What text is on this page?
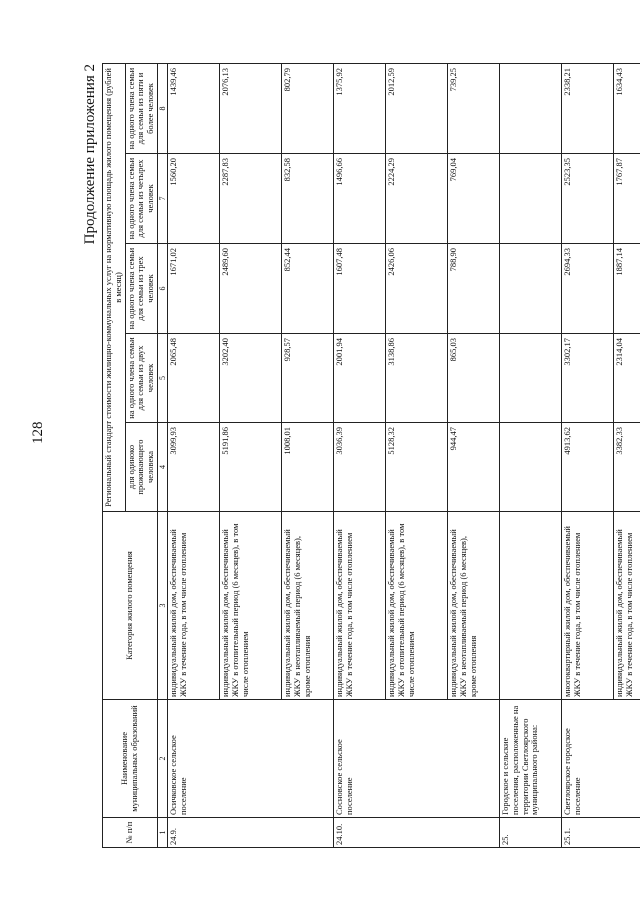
128
Продолжение приложения 2
№ п/п	Наименование муниципальных образований	Категория жилого помещения	Региональный стандарт стоимости жилищно-коммунальных услуг на нормативную площадь жилого помещения (рублей в месяц)				
			для одиноко проживающего человека	на одного члена семьи для семьи из двух человек	на одного члена семьи для семьи из трех человек	на одного члена семьи для семьи из четырех человек	на одного члена семьи для семьи из пяти и более человек
1	2	3	4	5	6	7	8
24.9.	Осичковское сельское поселение	индивидуальный жилой дом, обеспечиваемый ЖКУ в течение года, в том числе отоплением	3099,93	2065,48	1671,02	1560,20	1439,46
		индивидуальный жилой дом, обеспечиваемый ЖКУ в отопительный период (6 месяцев), в том числе отоплением	5191,86	3202,40	2489,60	2287,83	2076,13
		индивидуальный жилой дом, обеспечиваемый ЖКУ в неотапливаемый период (6 месяцев), кроме отопления	1008,01	928,57	852,44	832,58	802,79
24.10.	Сосновское сельское поселение	индивидуальный жилой дом, обеспечиваемый ЖКУ в течение года, в том числе отоплением	3036,39	2001,94	1607,48	1496,66	1375,92
		индивидуальный жилой дом, обеспечиваемый ЖКУ в отопительный период (6 месяцев), в том числе отоплением	5128,32	3138,86	2426,06	2224,29	2012,59
		индивидуальный жилой дом, обеспечиваемый ЖКУ в неотапливаемый период (6 месяцев), кроме отопления	944,47	865,03	788,90	769,04	739,25
25.	Городское и сельские поселения, расположенные на территории Светлоярского муниципального района:						
25.1.	Светлоярское городское поселение	многоквартирный жилой дом, обеспечиваемый ЖКУ в течение года, в том числе отоплением	4913,62	3302,17	2694,33	2523,35	2338,21
		индивидуальный жилой дом, обеспечиваемый ЖКУ в течение года, в том числе отоплением	3382,33	2314,04	1887,14	1767,87	1634,43
